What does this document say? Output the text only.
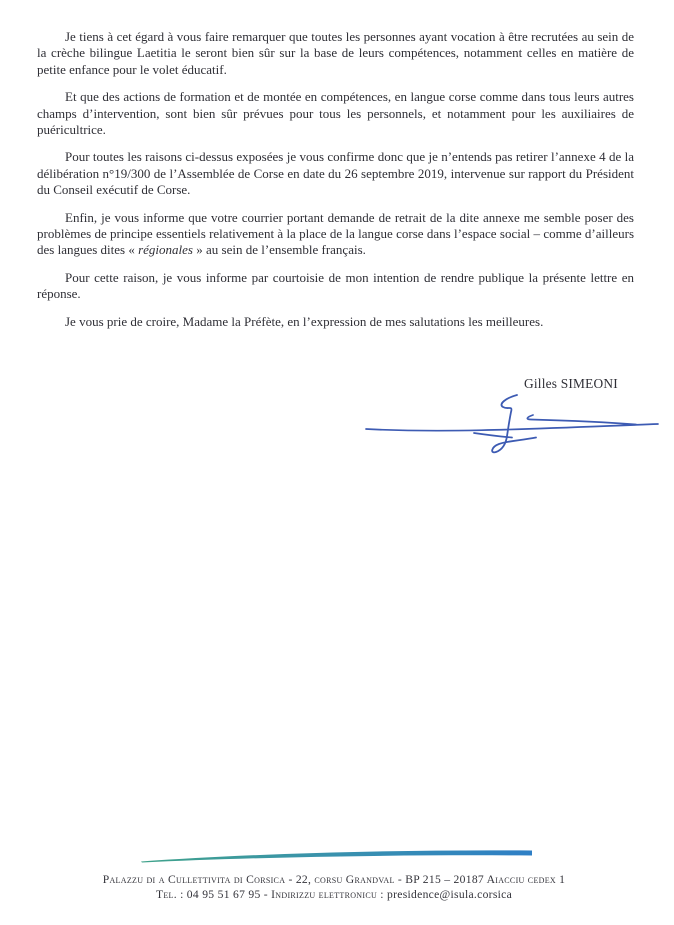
Je tiens à cet égard à vous faire remarquer que toutes les personnes ayant vocation à être recrutées au sein de la crèche bilingue Laetitia le seront bien sûr sur la base de leurs compétences, notamment celles en matière de petite enfance pour le volet éducatif.

Et que des actions de formation et de montée en compétences, en langue corse comme dans tous leurs autres champs d’intervention, sont bien sûr prévues pour tous les personnels, et notamment pour les auxiliaires de puéricultrice.

Pour toutes les raisons ci-dessus exposées je vous confirme donc que je n’entends pas retirer l’annexe 4 de la délibération n°19/300 de l’Assemblée de Corse en date du 26 septembre 2019, intervenue sur rapport du Président du Conseil exécutif de Corse.

Enfin, je vous informe que votre courrier portant demande de retrait de la dite annexe me semble poser des problèmes de principe essentiels relativement à la place de la langue corse dans l’espace social – comme d’ailleurs des langues dites « régionales » au sein de l’ensemble français.

Pour cette raison, je vous informe par courtoisie de mon intention de rendre publique la présente lettre en réponse.

Je vous prie de croire, Madame la Préfète, en l’expression de mes salutations les meilleures.

Gilles SIMEONI
Palazzu di a Cullettivita di Corsica - 22, corsu Grandval - BP 215 – 20187 Aiacciu cedex 1
Tel. : 04 95 51 67 95 - Indirizzu elettronicu : presidence@isula.corsica
